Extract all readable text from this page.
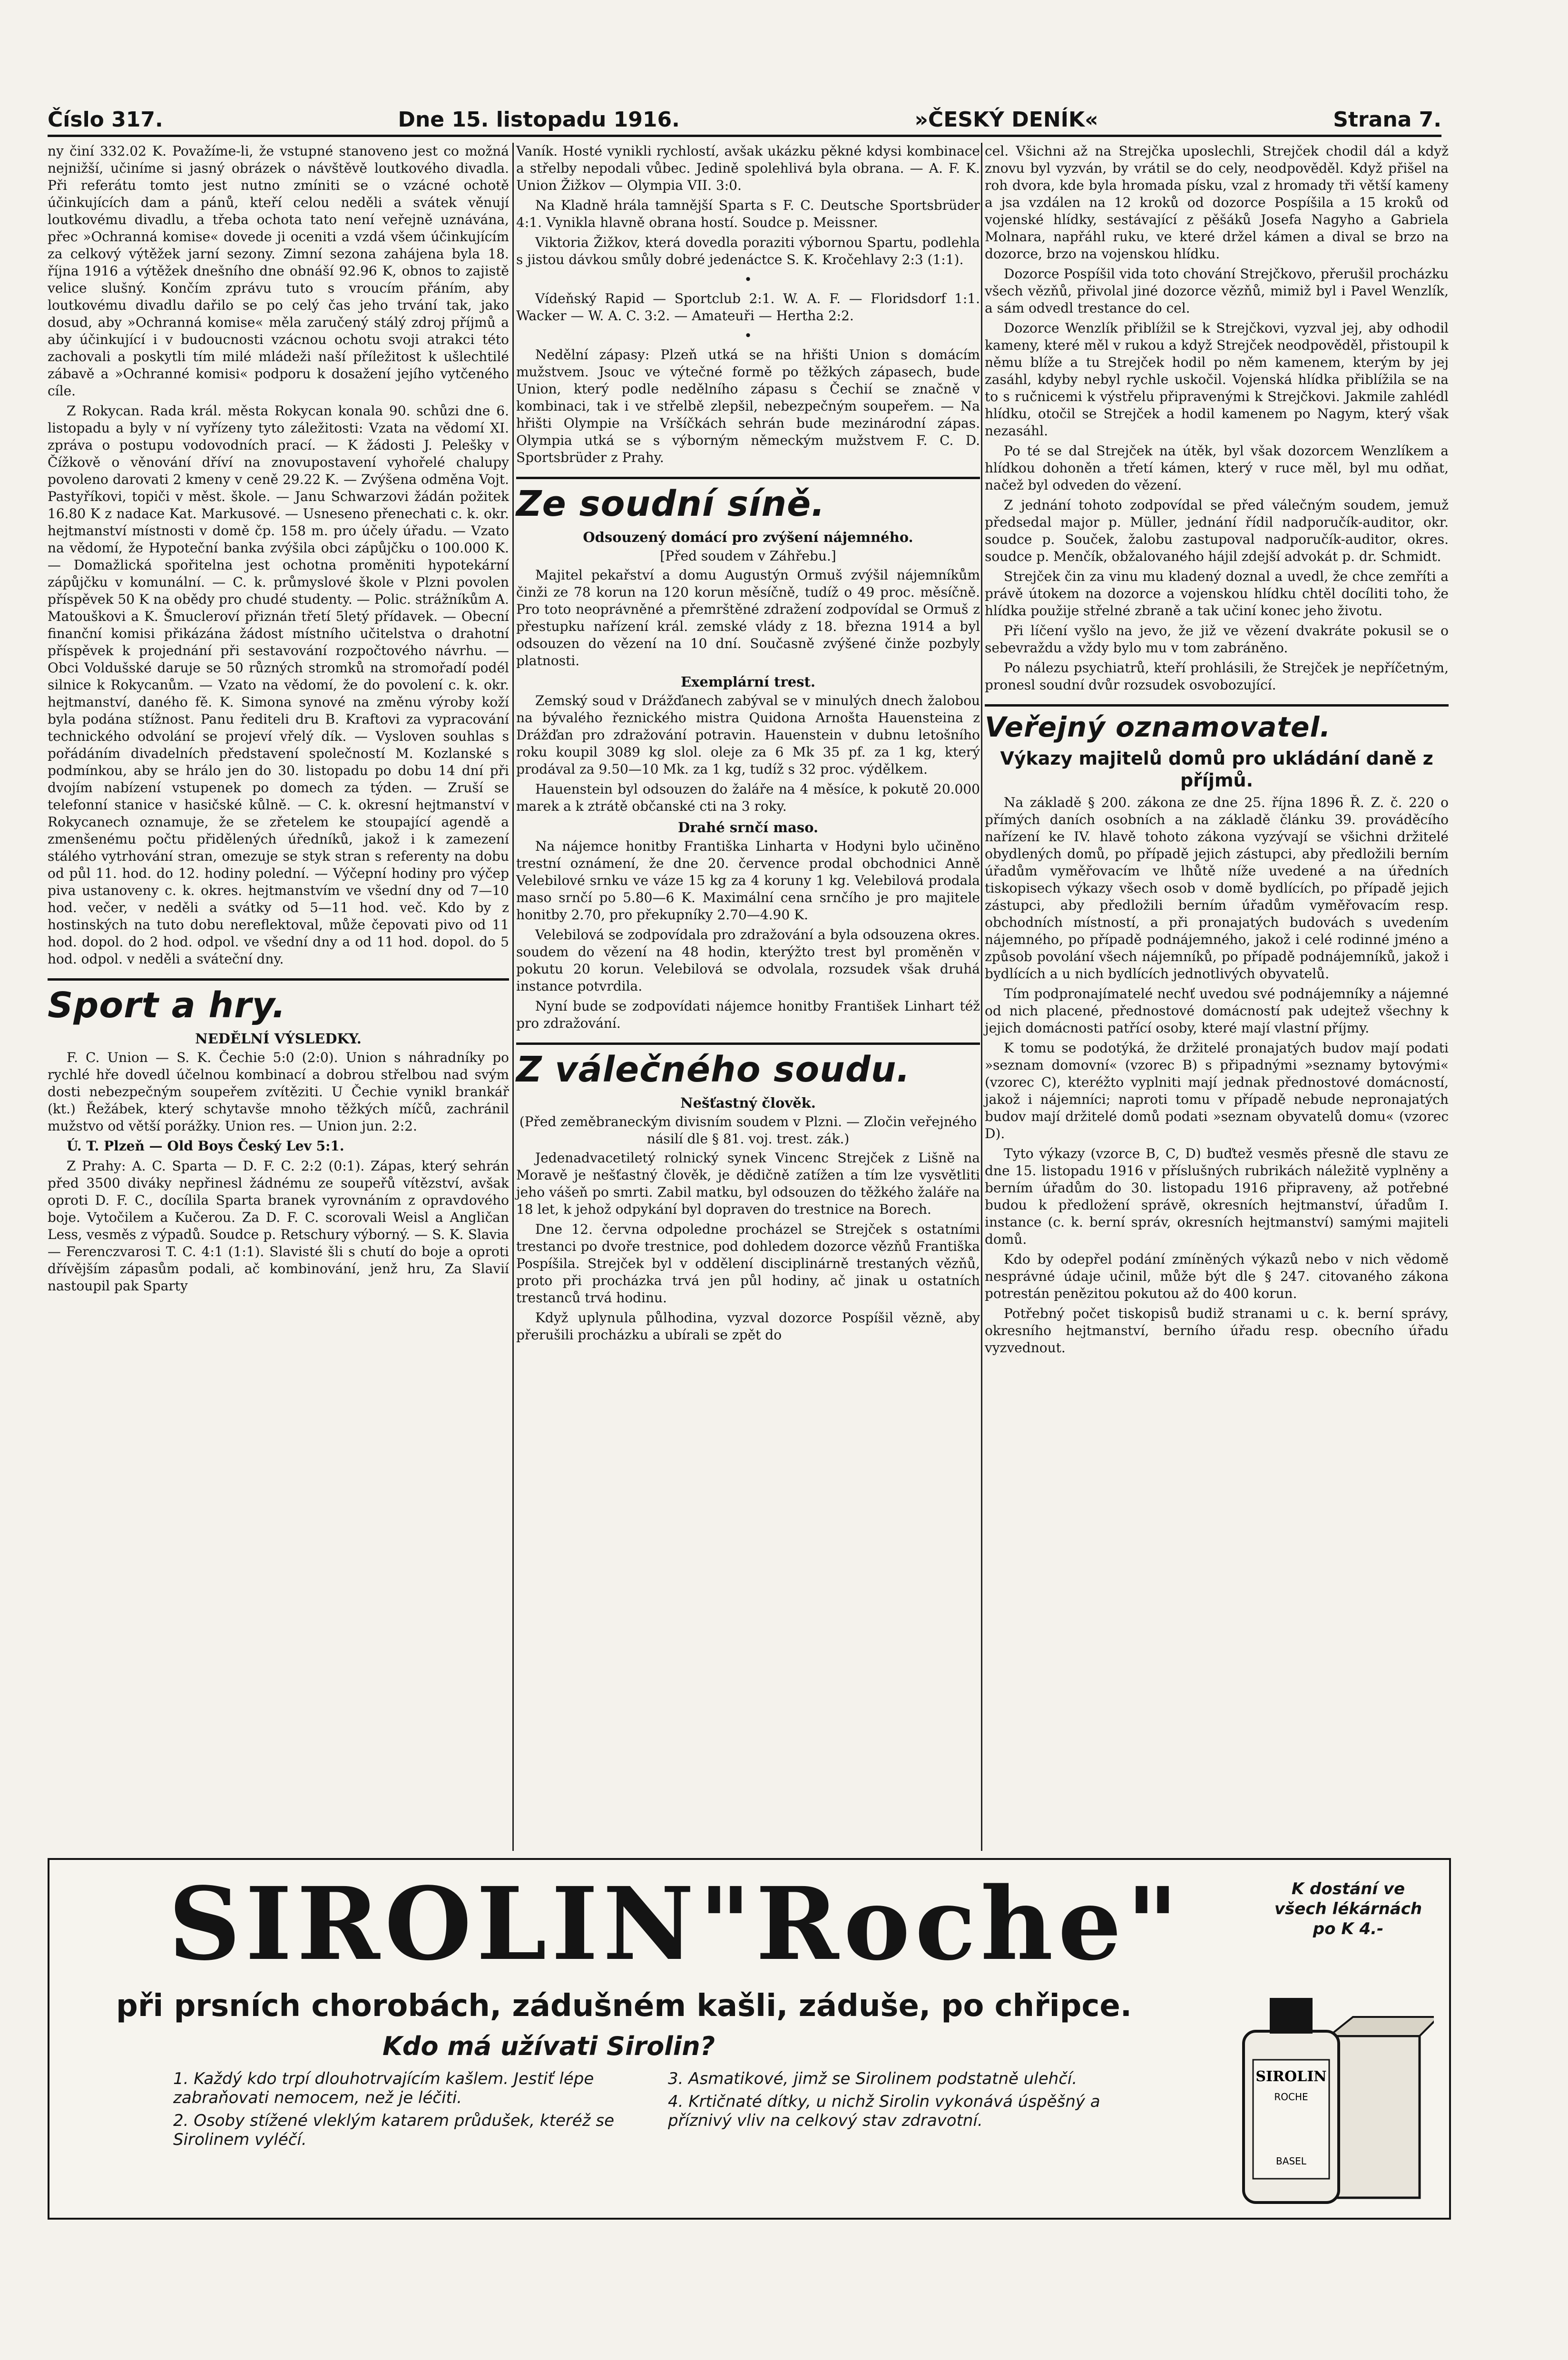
Číslo 317.	Dne 15. listopadu 1916.	»ČESKÝ DENÍK«	Strana 7.

ny činí 332.02 K. Považíme-li, že vstupné stanoveno jest co možná nejnižší, učiníme si jasný obrázek o návštěvě loutkového divadla. Při referátu tomto jest nutno zmíniti se o vzácné ochotě účinkujících dam a pánů, kteří celou neděli a svátek věnují loutkovému divadlu, a třeba ochota tato není veřejně uznávána, přec »Ochranná komise« dovede ji oceniti a vzdá všem účinkujícím za celkový výtěžek jarní sezony. Zimní sezona zahájena byla 18. října 1916 a výtěžek dnešního dne obnáší 92.96 K, obnos to zajistě velice slušný. Končím zprávu tuto s vroucím přáním, aby loutkovému divadlu dařilo se po celý čas jeho trvání tak, jako dosud, aby »Ochranná komise« měla zaručený stálý zdroj příjmů a aby účinkující i v budoucnosti vzácnou ochotu svoji atrakci této zachovali a poskytli tím milé mládeži naší příležitost k ušlechtilé zábavě a »Ochranné komisi« podporu k dosažení jejího vytčeného cíle.

Z Rokycan. Rada král. města Rokycan konala 90. schůzi dne 6. listopadu a byly v ní vyřízeny tyto záležitosti: Vzata na vědomí XI. zpráva o postupu vodovodních prací. — K žádosti J. Pelešky v Čížkově o věnování dříví na znovupostavení vyhořelé chalupy povoleno darovati 2 kmeny v ceně 29.22 K. — Zvýšena odměna Vojt. Pastyříkovi, topiči v měst. škole. — Janu Schwarzovi žádán požitek 16.80 K z nadace Kat. Markusové. — Usneseno přenechati c. k. okr. hejtmanství místnosti v domě čp. 158 m. pro účely úřadu. — Vzato na vědomí, že Hypoteční banka zvýšila obci zápůjčku o 100.000 K. — Domažlická spořitelna jest ochotna proměniti hypotekární zápůjčku v komunální. — C. k. průmyslové škole v Plzni povolen příspěvek 50 K na obědy pro chudé studenty. — Polic. strážníkům A. Matouškovi a K. Šmucleroví přiznán třetí 5letý přídavek. — Obecní finanční komisi přikázána žádost místního učitelstva o drahotní příspěvek k projednání při sestavování rozpočtového návrhu. — Obci Voldušské daruje se 50 různých stromků na stromořadí podél silnice k Rokycanům. — Vzato na vědomí, že do povolení c. k. okr. hejtmanství, daného fě. K. Simona synové na změnu výroby koží byla podána stížnost. Panu řediteli dru B. Kraftovi za vypracování technického odvolání se projeví vřelý dík. — Vysloven souhlas s pořádáním divadelních představení společností M. Kozlanské s podmínkou, aby se hrálo jen do 30. listopadu po dobu 14 dní při dvojím nabízení vstupenek po domech za týden. — Zruší se telefonní stanice v hasičské kůlně. — C. k. okresní hejtmanství v Rokycanech oznamuje, že se zřetelem ke stoupající agendě a zmenšenému počtu přidělených úředníků, jakož i k zamezení stálého vytrhování stran, omezuje se styk stran s referenty na dobu od půl 11. hod. do 12. hodiny polední. — Výčepní hodiny pro výčep piva ustanoveny c. k. okres. hejtmanstvím ve všední dny od 7—10 hod. večer, v neděli a svátky od 5—11 hod. več. Kdo by z hostinských na tuto dobu nereflektoval, může čepovati pivo od 11 hod. dopol. do 2 hod. odpol. ve všední dny a od 11 hod. dopol. do 5 hod. odpol. v neděli a sváteční dny.

Sport a hry.
NEDĚLNÍ VÝSLEDKY.

F. C. Union — S. K. Čechie 5:0 (2:0). Union s náhradníky po rychlé hře dovedl účelnou kombinací a dobrou střelbou nad svým dosti nebezpečným soupeřem zvítěziti. U Čechie vynikl brankář (kt.) Řežábek, který schytavše mnoho těžkých míčů, zachránil mužstvo od větší porážky. Union res. — Union jun. 2:2.

Ú. T. Plzeň — Old Boys Český Lev 5:1.

Z Prahy: A. C. Sparta — D. F. C. 2:2 (0:1). Zápas, který sehrán před 3500 diváky nepřinesl žádnému ze soupeřů vítězství, avšak oproti D. F. C., docílila Sparta branek vyrovnáním z opravdového boje. Vytočilem a Kučerou. Za D. F. C. scorovali Weisl a Angličan Less, vesměs z výpadů. Soudce p. Retschury výborný. — S. K. Slavia — Ferenczvarosi T. C. 4:1 (1:1). Slavisté šli s chutí do boje a oproti dřívějším zápasům podali, ač kombinování, jenž hru, Za Slavií nastoupil pak Sparty

Vaník. Hosté vynikli rychlostí, avšak ukázku pěkné kdysi kombinace a střelby nepodali vůbec. Jedině spolehlivá byla obrana. — A. F. K. Union Žižkov — Olympia VII. 3:0.

Na Kladně hrála tamnější Sparta s F. C. Deutsche Sportsbrüder 4:1. Vynikla hlavně obrana hostí. Soudce p. Meissner.

Viktoria Žižkov, která dovedla poraziti výbornou Spartu, podlehla s jistou dávkou smůly dobré jedenáctce S. K. Kročehlavy 2:3 (1:1).

•

Vídeňský Rapid — Sportclub 2:1. W. A. F. — Floridsdorf 1:1. Wacker — W. A. C. 3:2. — Amateuři — Hertha 2:2.

•

Nedělní zápasy: Plzeň utká se na hřišti Union s domácím mužstvem. Jsouc ve výtečné formě po těžkých zápasech, bude Union, který podle nedělního zápasu s Čechií se značně v kombinaci, tak i ve střelbě zlepšil, nebezpečným soupeřem. — Na hřišti Olympie na Vršíčkách sehrán bude mezinárodní zápas. Olympia utká se s výborným německým mužstvem F. C. D. Sportsbrüder z Prahy.

Ze soudní síně.
Odsouzený domácí pro zvýšení nájemného.
[Před soudem v Záhřebu.]

Majitel pekařství a domu Augustýn Ormuš zvýšil nájemníkům činži ze 78 korun na 120 korun měsíčně, tudíž o 49 proc. měsíčně. Pro toto neoprávněné a přemrštěné zdražení zodpovídal se Ormuš z přestupku nařízení král. zemské vlády z 18. března 1914 a byl odsouzen do vězení na 10 dní. Současně zvýšené činže pozbyly platnosti.

Exemplární trest.

Zemský soud v Drážďanech zabýval se v minulých dnech žalobou na bývalého řeznického mistra Quidona Arnošta Hauensteina z Drážďan pro zdražování potravin. Hauenstein v dubnu letošního roku koupil 3089 kg slol. oleje za 6 Mk 35 pf. za 1 kg, který prodával za 9.50—10 Mk. za 1 kg, tudíž s 32 proc. výdělkem.

Hauenstein byl odsouzen do žaláře na 4 měsíce, k pokutě 20.000 marek a k ztrátě občanské cti na 3 roky.

Drahé srnčí maso.

Na nájemce honitby Františka Linharta v Hodyni bylo učiněno trestní oznámení, že dne 20. července prodal obchodnici Anně Velebilové srnku ve váze 15 kg za 4 koruny 1 kg. Velebilová prodala maso srnčí po 5.80—6 K. Maximální cena srnčího je pro majitele honitby 2.70, pro překupníky 2.70—4.90 K.

Velebilová se zodpovídala pro zdražování a byla odsouzena okres. soudem do vězení na 48 hodin, kterýžto trest byl proměněn v pokutu 20 korun. Velebilová se odvolala, rozsudek však druhá instance potvrdila.

Nyní bude se zodpovídati nájemce honitby František Linhart též pro zdražování.

Z válečného soudu.
Nešťastný člověk.
(Před zeměbraneckým divisním soudem v Plzni. — Zločin veřejného násilí dle § 81. voj. trest. zák.)

Jedenadvacetiletý rolnický synek Vincenc Strejček z Lišně na Moravě je nešťastný člověk, je dědičně zatížen a tím lze vysvětliti jeho vášeň po smrti. Zabil matku, byl odsouzen do těžkého žaláře na 18 let, k jehož odpykání byl dopraven do trestnice na Borech.

Dne 12. června odpoledne procházel se Strejček s ostatními trestanci po dvoře trestnice, pod dohledem dozorce vězňů Františka Pospíšila. Strejček byl v oddělení disciplinárně trestaných vězňů, proto při procházka trvá jen půl hodiny, ač jinak u ostatních trestanců trvá hodinu.

Když uplynula půlhodina, vyzval dozorce Pospíšil vězně, aby přerušili procházku a ubírali se zpět do

cel. Všichni až na Strejčka uposlechli, Strejček chodil dál a když znovu byl vyzván, by vrátil se do cely, neodpověděl. Když přišel na roh dvora, kde byla hromada písku, vzal z hromady tři větší kameny a jsa vzdálen na 12 kroků od dozorce Pospíšila a 15 kroků od vojenské hlídky, sestávající z pěšáků Josefa Nagyho a Gabriela Molnara, napřáhl ruku, ve které držel kámen a dival se brzo na dozorce, brzo na vojenskou hlídku.

Dozorce Pospíšil vida toto chování Strejčkovo, přerušil procházku všech vězňů, přivolal jiné dozorce vězňů, mimiž byl i Pavel Wenzlík, a sám odvedl trestance do cel.

Dozorce Wenzlík přiblížil se k Strejčkovi, vyzval jej, aby odhodil kameny, které měl v rukou a když Strejček neodpověděl, přistoupil k němu blíže a tu Strejček hodil po něm kamenem, kterým by jej zasáhl, kdyby nebyl rychle uskočil. Vojenská hlídka přiblížila se na to s ručnicemi k výstřelu připravenými k Strejčkovi. Jakmile zahlédl hlídku, otočil se Strejček a hodil kamenem po Nagym, který však nezasáhl.

Po té se dal Strejček na útěk, byl však dozorcem Wenzlíkem a hlídkou dohoněn a třetí kámen, který v ruce měl, byl mu odňat, načež byl odveden do vězení.

Z jednání tohoto zodpovídal se před válečným soudem, jemuž předsedal major p. Müller, jednání řídil nadporučík-auditor, okr. soudce p. Souček, žalobu zastupoval nadporučík-auditor, okres. soudce p. Menčík, obžalovaného hájil zdejší advokát p. dr. Schmidt.

Strejček čin za vinu mu kladený doznal a uvedl, že chce zemříti a právě útokem na dozorce a vojenskou hlídku chtěl docíliti toho, že hlídka použije střelné zbraně a tak učiní konec jeho životu.

Při líčení vyšlo na jevo, že již ve vězení dvakráte pokusil se o sebevraždu a vždy bylo mu v tom zabráněno.

Po nálezu psychiatrů, kteří prohlásili, že Strejček je nepříčetným, pronesl soudní dvůr rozsudek osvobozující.

Veřejný oznamovatel.
Výkazy majitelů domů pro ukládání daně z příjmů.

Na základě § 200. zákona ze dne 25. října 1896 Ř. Z. č. 220 o přímých daních osobních a na základě článku 39. prováděcího nařízení ke IV. hlavě tohoto zákona vyzývají se všichni držitelé obydlených domů, po případě jejich zástupci, aby předložili berním úřadům vyměřovacím ve lhůtě níže uvedené a na úředních tiskopisech výkazy všech osob v domě bydlících, po případě jejich zástupci, aby předložili berním úřadům vyměřovacím resp. obchodních místností, a při pronajatých budovách s uvedením nájemného, po případě podnájemného, jakož i celé rodinné jméno a způsob povolání všech nájemníků, po případě podnájemníků, jakož i bydlících a u nich bydlících jednotlivých obyvatelů.

Tím podpronajímatelé nechť uvedou své podnájemníky a nájemné od nich placené, přednostové domácností pak udejtež všechny k jejich domácnosti patřící osoby, které mají vlastní příjmy.

K tomu se podotýká, že držitelé pronajatých budov mají podati »seznam domovní« (vzorec B) s připadnými »seznamy bytovými« (vzorec C), kteréžto vyplniti mají jednak přednostové domácností, jakož i nájemníci; naproti tomu v případě nebude nepronajatých budov mají držitelé domů podati »seznam obyvatelů domu« (vzorec D).

Tyto výkazy (vzorce B, C, D) buďtež vesměs přesně dle stavu ze dne 15. listopadu 1916 v příslušných rubrikách náležitě vyplněny a berním úřadům do 30. listopadu 1916 připraveny, až potřebné budou k předložení správě, okresních hejtmanství, úřadům I. instance (c. k. berní správ, okresních hejtmanství) samými majiteli domů.

Kdo by odepřel podání zmíněných výkazů nebo v nich vědomě nesprávné údaje učinil, může být dle § 247. citovaného zákona potrestán penězitou pokutou až do 400 korun.

Potřebný počet tiskopisů budiž stranami u c. k. berní správy, okresního hejtmanství, berního úřadu resp. obecního úřadu vyzvednout.

SIROLIN"Roche"	K dostání ve všech lékárnách po K 4.-
při prsních chorobách, zádušném kašli, záduše, po chřipce.
Kdo má užívati Sirolin?
1. Každý kdo trpí dlouhotrvajícím kašlem. Jestiť lépe zabraňovati nemocem, než je léčiti.
2. Osoby stížené vleklým katarem průdušek, kteréž se Sirolinem vyléčí.
3. Asmatikové, jimž se Sirolinem podstatně ulehčí.
4. Krtičnaté dítky, u nichž Sirolin vykonává úspěšný a příznivý vliv na celkový stav zdravotní.
SIROLIN
ROCHE
BASEL
